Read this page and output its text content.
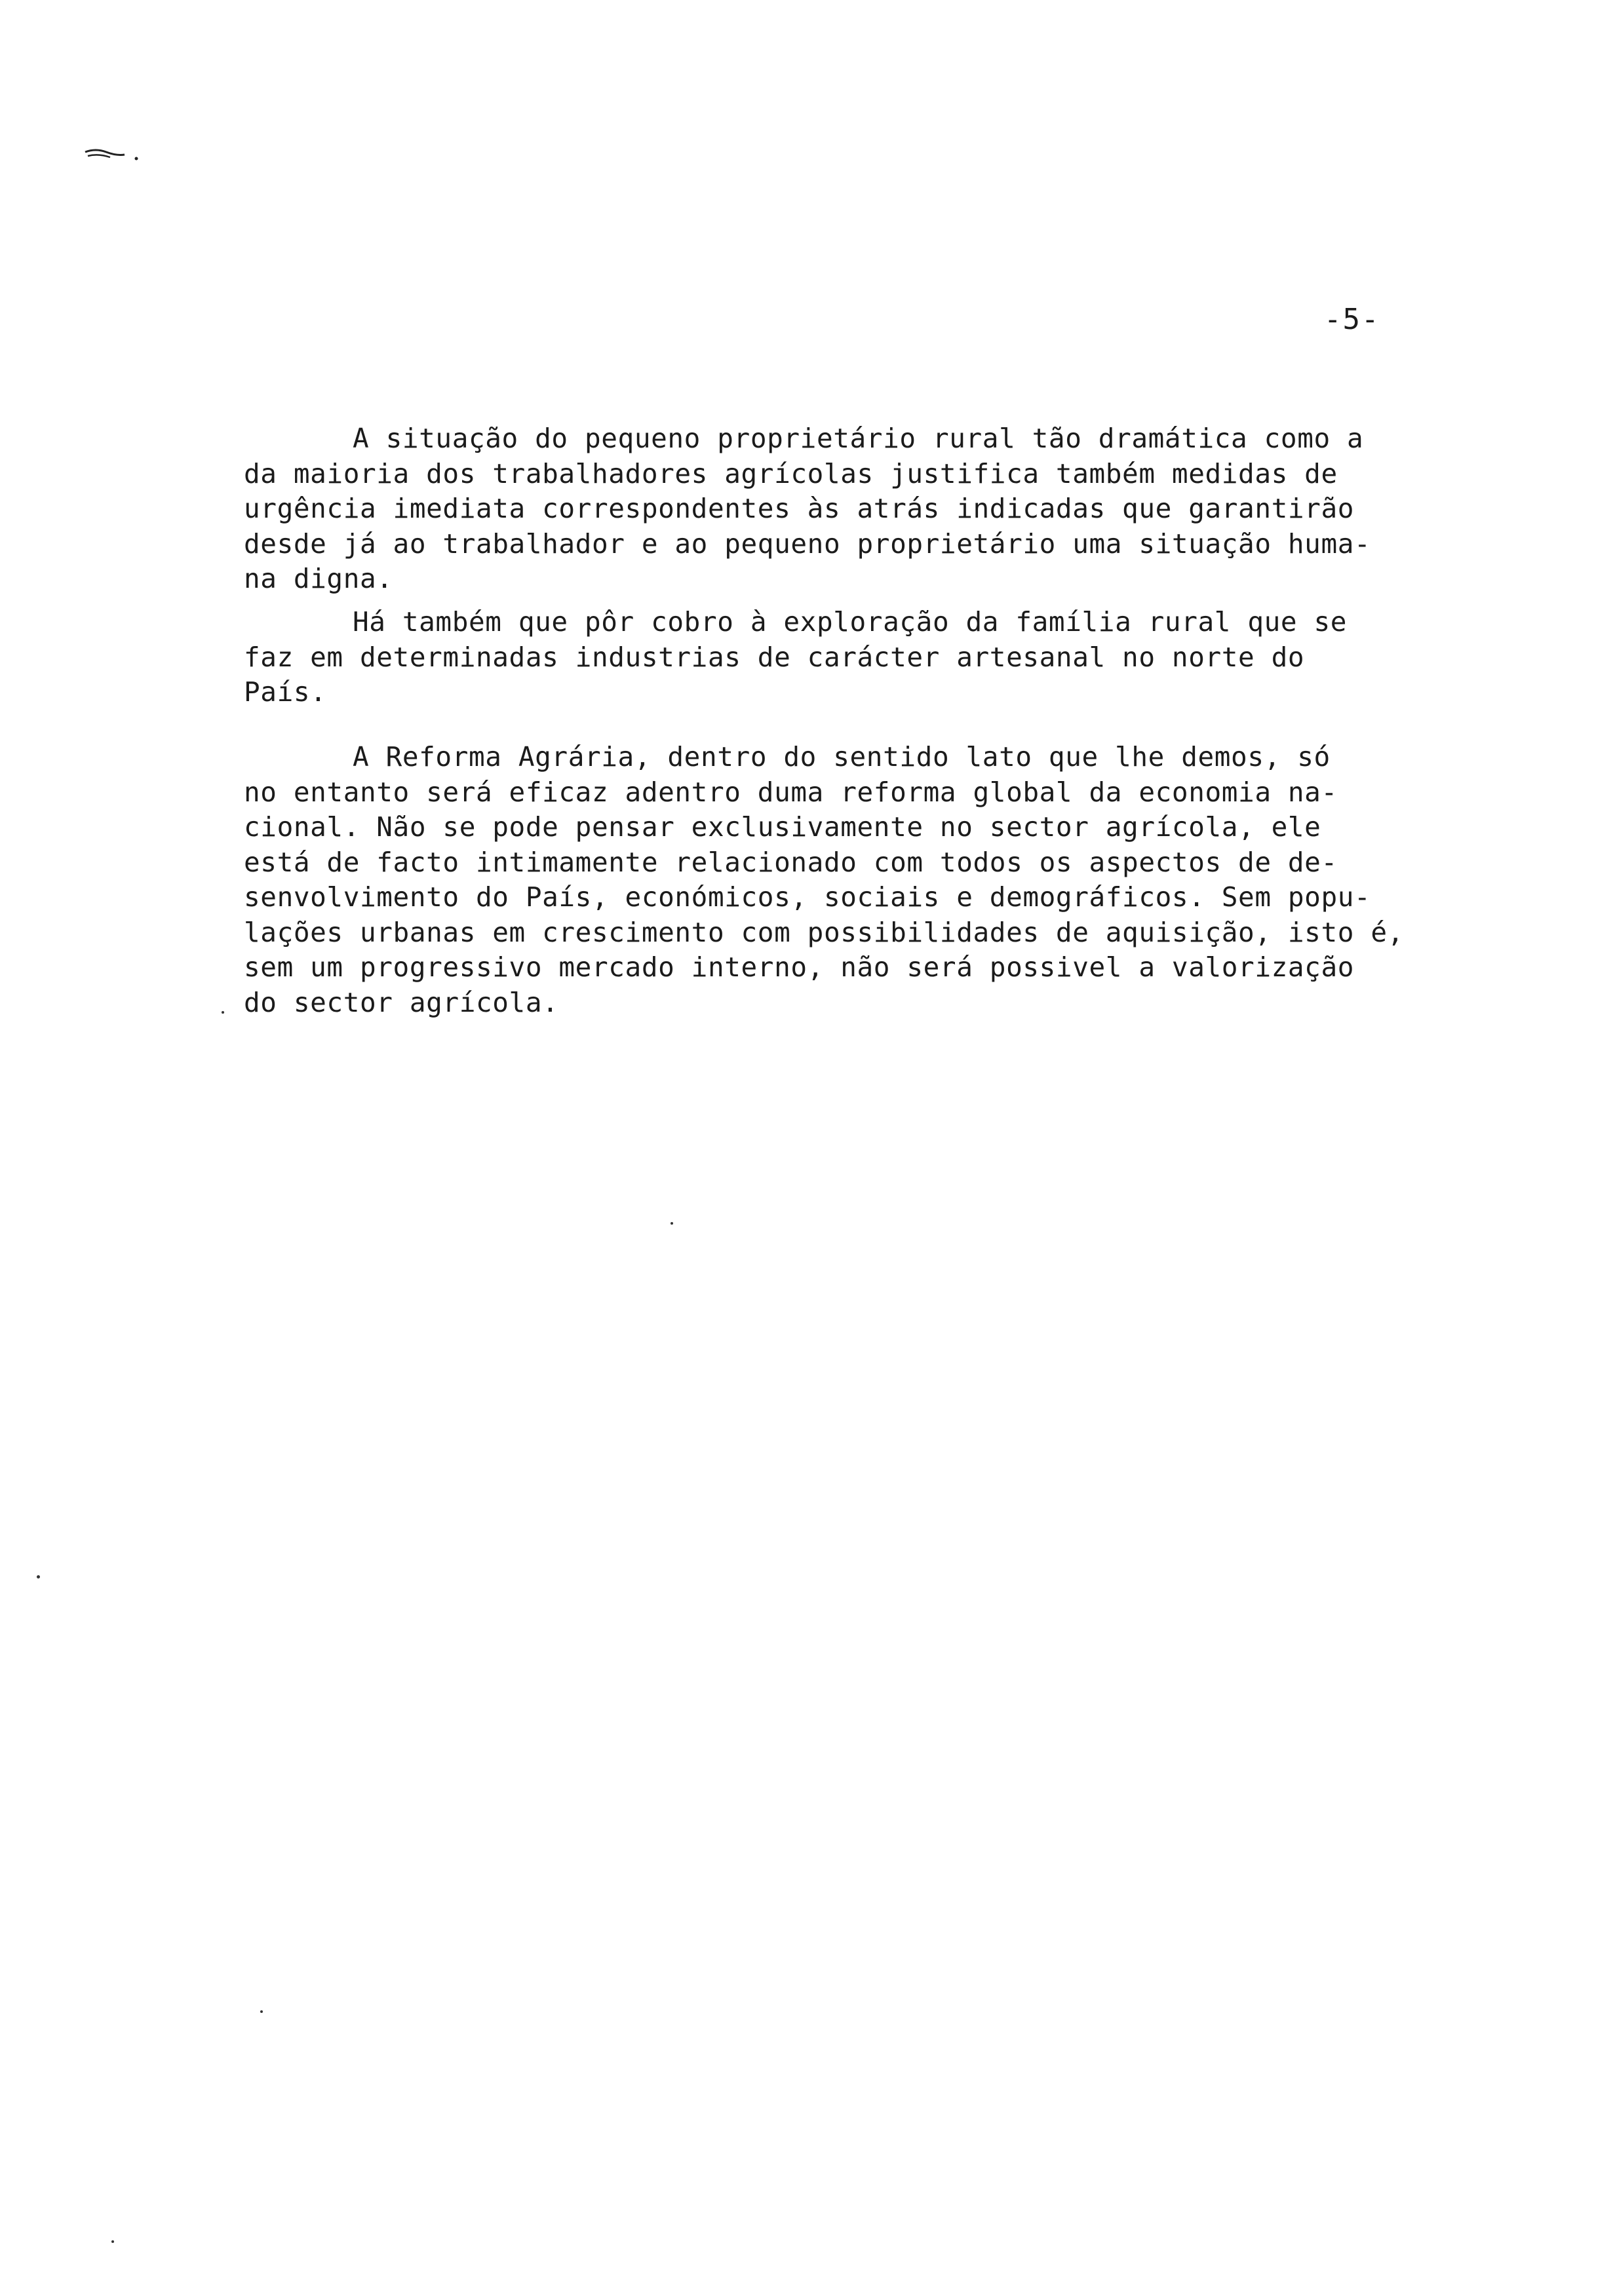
-5-
A situação do pequeno proprietário rural tão dramática como a
da maioria dos trabalhadores agrícolas justifica também medidas de
urgência imediata correspondentes às atrás indicadas que garantirão
desde já ao trabalhador e ao pequeno proprietário uma situação huma-
na digna.
Há também que pôr cobro à exploração da família rural que se
faz em determinadas industrias de carácter artesanal no norte do
País.
A Reforma Agrária, dentro do sentido lato que lhe demos, só
no entanto será eficaz adentro duma reforma global da economia na-
cional. Não se pode pensar exclusivamente no sector agrícola, ele
está de facto intimamente relacionado com todos os aspectos de de-
senvolvimento do País, económicos, sociais e demográficos. Sem popu-
lações urbanas em crescimento com possibilidades de aquisição, isto é,
sem um progressivo mercado interno, não será possivel a valorização
do sector agrícola.
